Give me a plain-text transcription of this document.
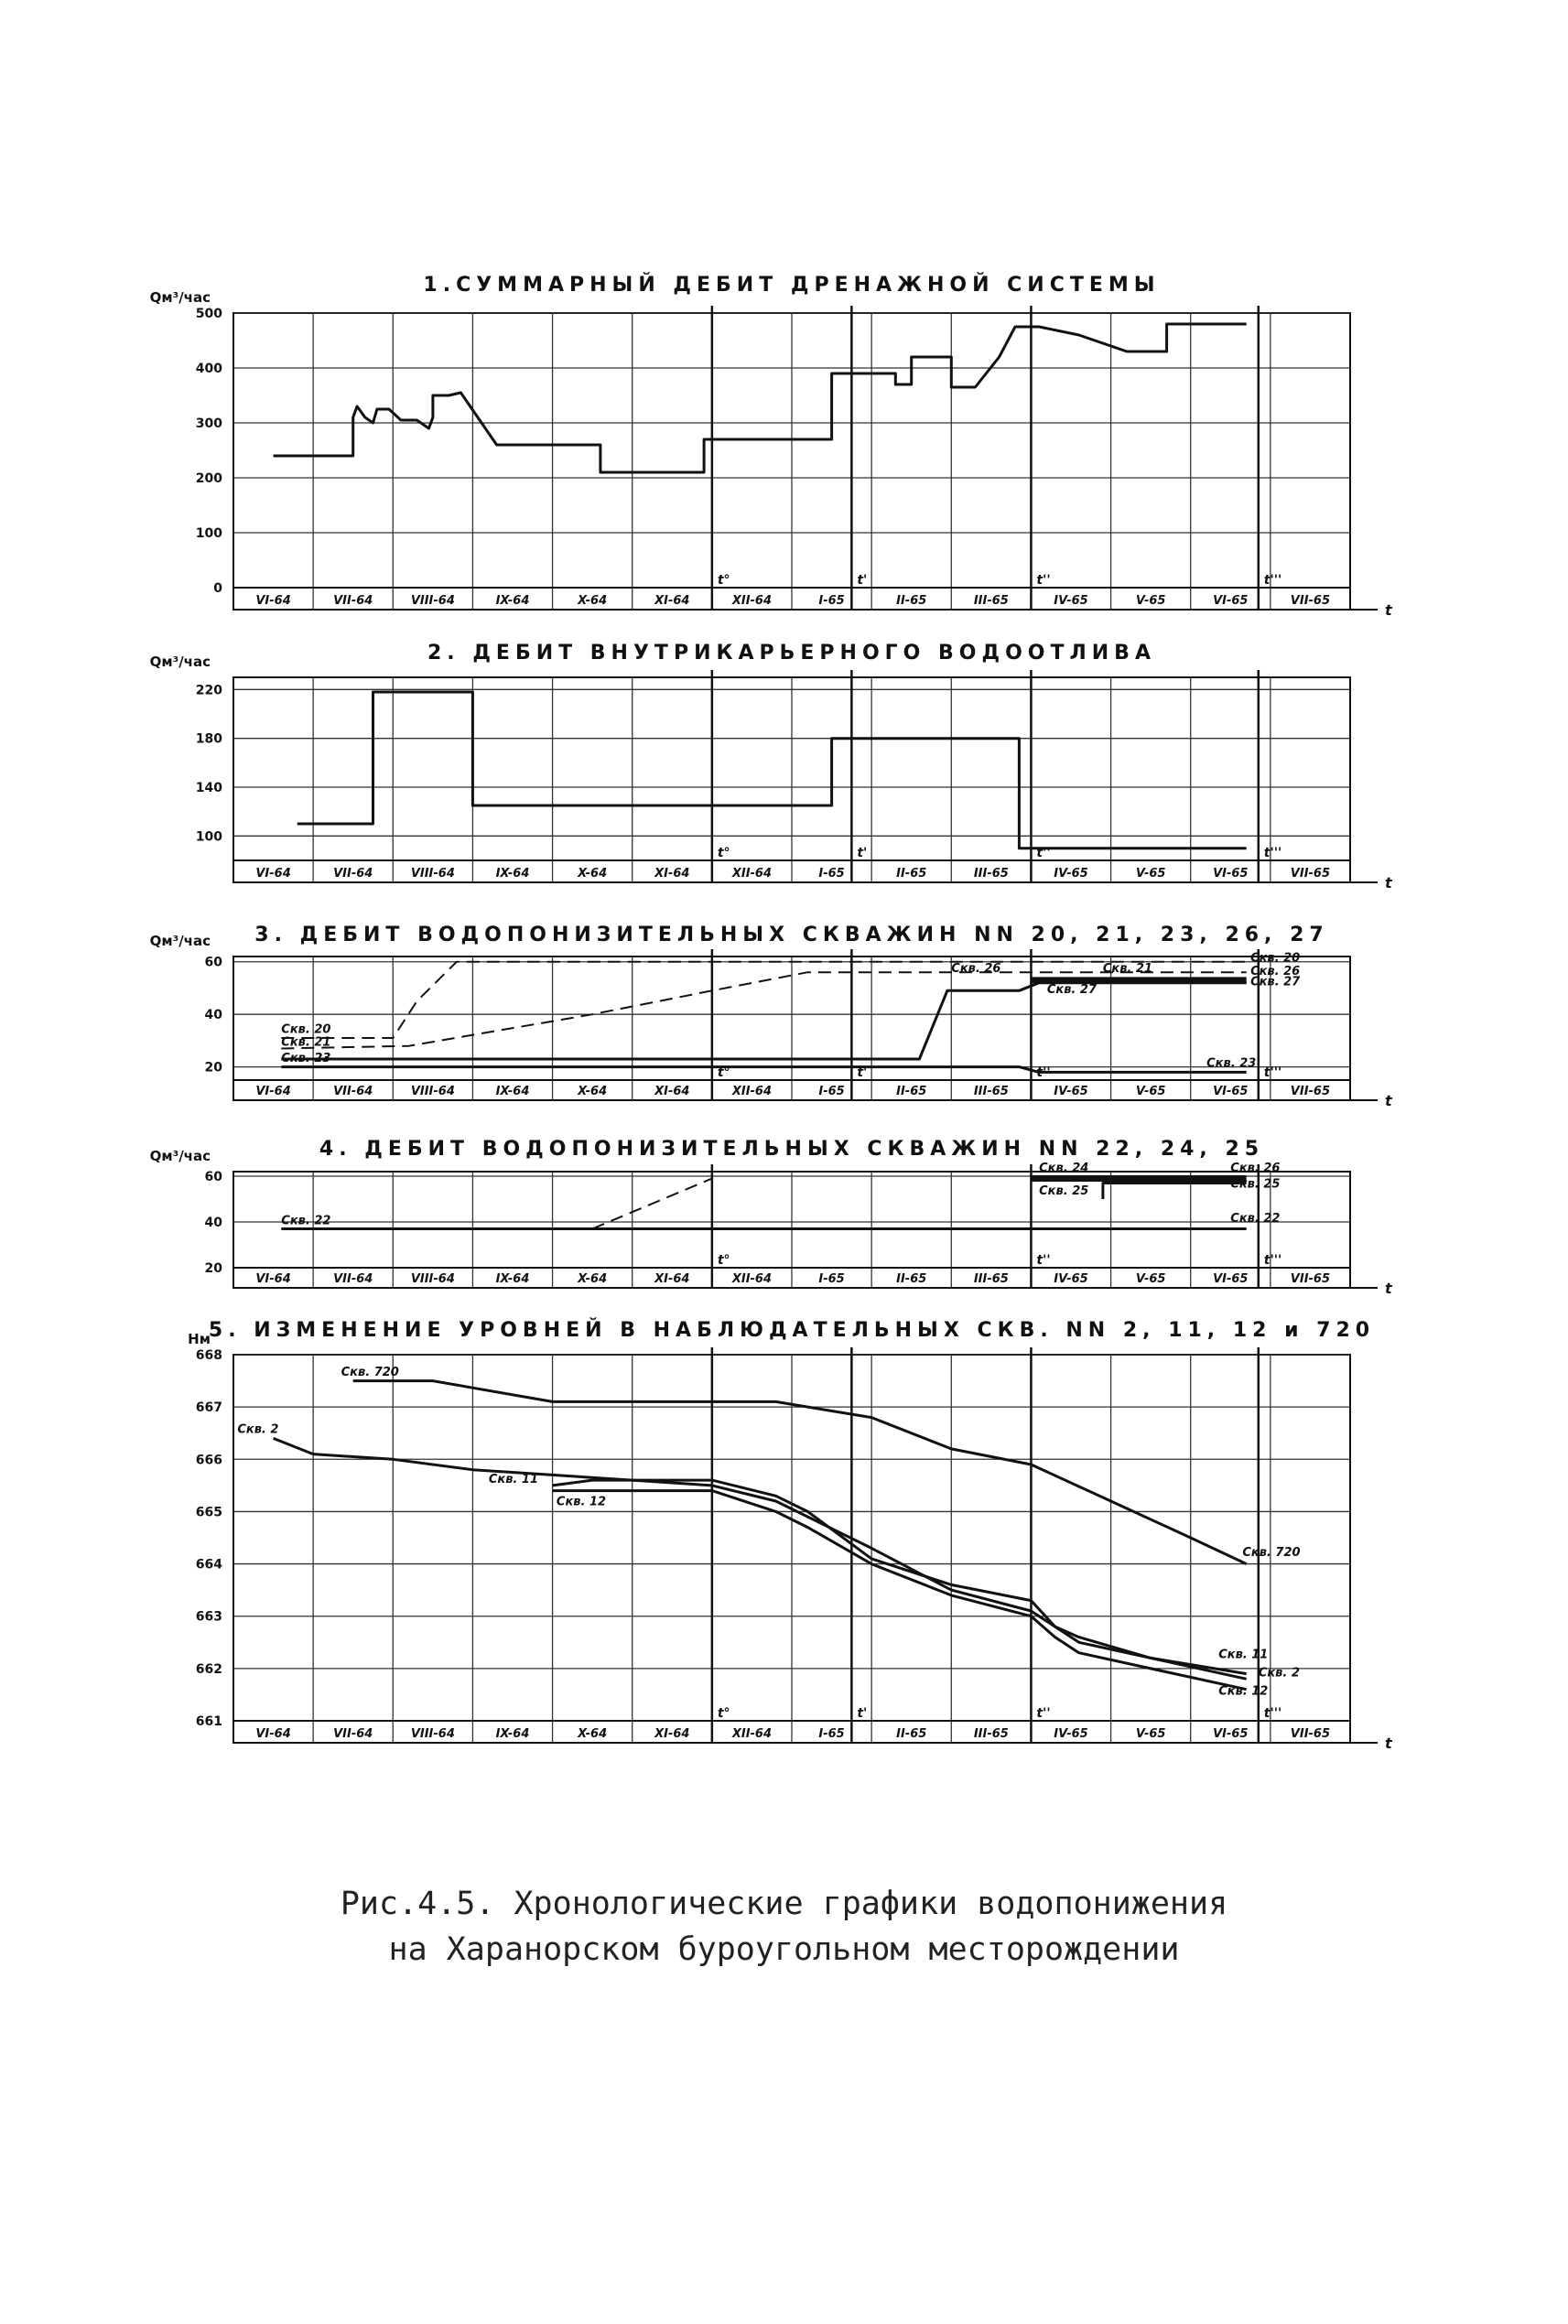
1.СУММАРНЫЙ ДЕБИТ ДРЕНАЖНОЙ СИСТЕМЫ
Qм³/час
0
100
200
300
400
500
VI-64	VII-64	VIII-64	IX-64	X-64	XI-64	XII-64	I-65	II-65	III-65	IV-65	V-65	VI-65	VII-65
t
t°	t'	t''	t'''
2. ДЕБИТ ВНУТРИКАРЬЕРНОГО ВОДООТЛИВА
Qм³/час
100
140
180
220
VI-64	VII-64	VIII-64	IX-64	X-64	XI-64	XII-64	I-65	II-65	III-65	IV-65	V-65	VI-65	VII-65
t
t°	t'	t''	t'''
3. ДЕБИТ ВОДОПОНИЗИТЕЛЬНЫХ СКВАЖИН NN 20, 21, 23, 26, 27
Qм³/час
20
40
60
VI-64	VII-64	VIII-64	IX-64	X-64	XI-64	XII-64	I-65	II-65	III-65	IV-65	V-65	VI-65	VII-65
t
t°	t'	t''	t'''
Скв. 20
Скв. 26
Скв. 27
Скв. 20
Скв. 21
Скв. 23
Скв. 26
Скв. 27
Скв. 23
Скв. 21
4. ДЕБИТ ВОДОПОНИЗИТЕЛЬНЫХ СКВАЖИН NN 22, 24, 25
Qм³/час
20
40
60
VI-64	VII-64	VIII-64	IX-64	X-64	XI-64	XII-64	I-65	II-65	III-65	IV-65	V-65	VI-65	VII-65
t
t°	t''	t'''
Скв. 22
Скв. 24
Скв. 25
Скв. 26
Скв. 25
Скв. 22
5. ИЗМЕНЕНИЕ УРОВНЕЙ В НАБЛЮДАТЕЛЬНЫХ СКВ. NN 2, 11, 12 и 720
Нм
661
662
663
664
665
666
667
668
VI-64	VII-64	VIII-64	IX-64	X-64	XI-64	XII-64	I-65	II-65	III-65	IV-65	V-65	VI-65	VII-65
t
t°	t'	t''	t'''
Скв. 720
Скв. 2
Скв. 11
Скв. 12
Скв. 720
Скв. 11
Скв. 2
Скв. 12
Рис.4.5. Хронологические графики водопонижения
на Харанорском буроугольном месторождении
